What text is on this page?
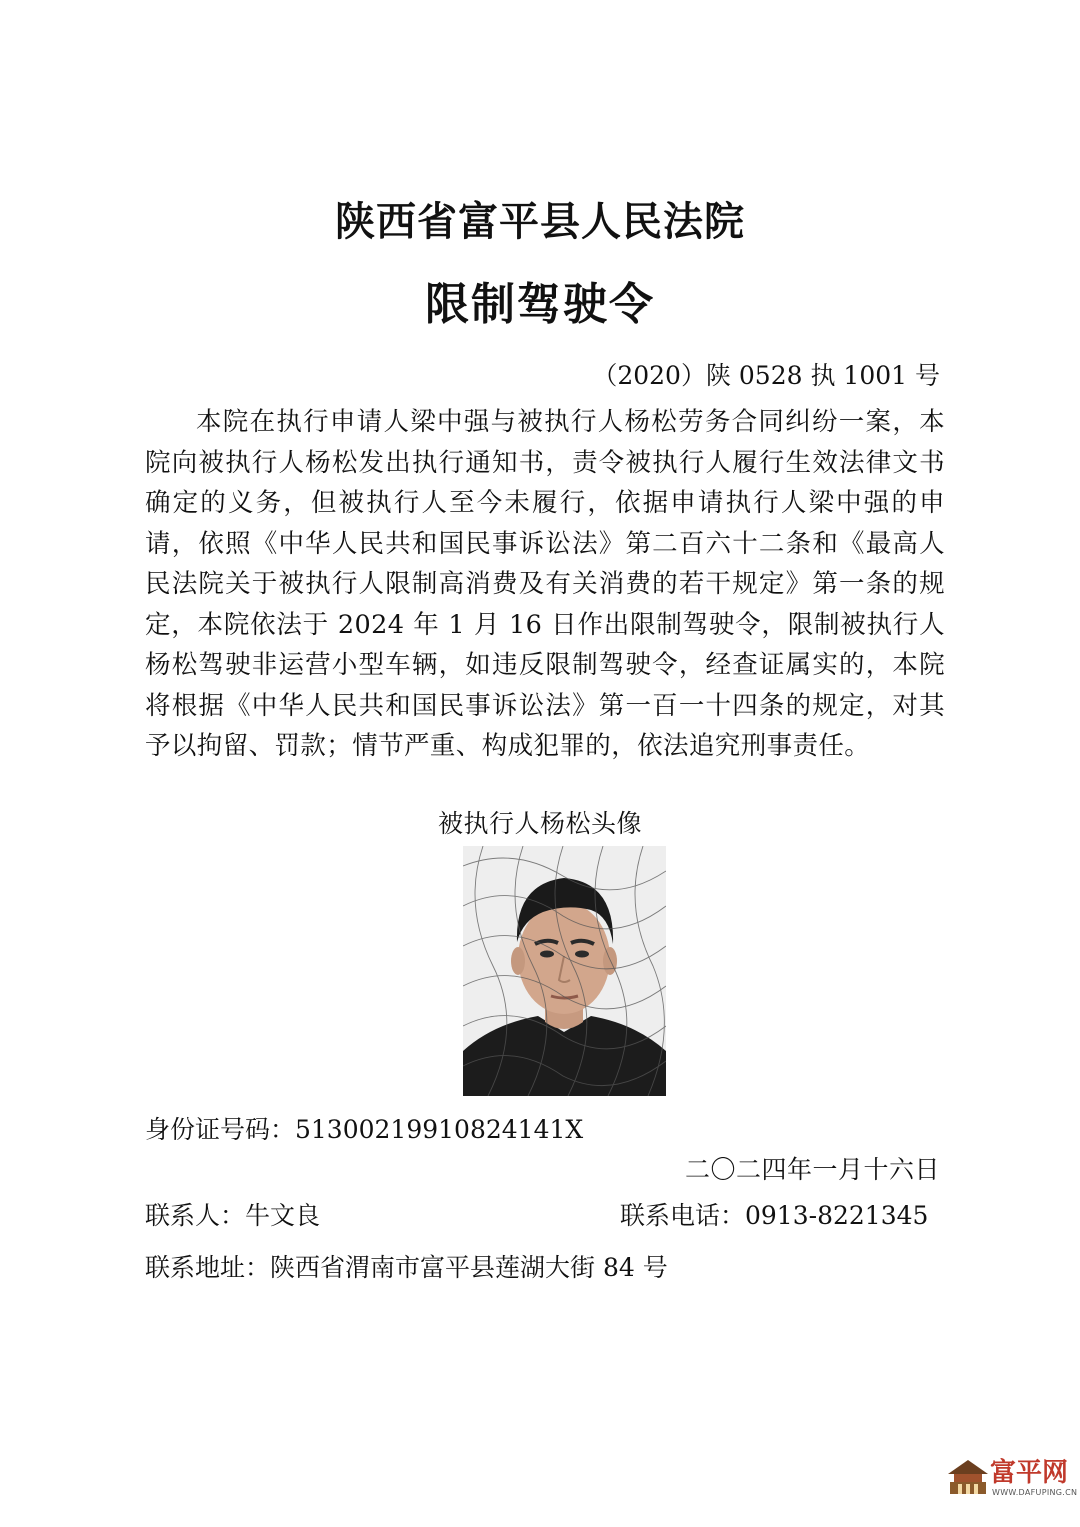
陕西省富平县人民法院
限制驾驶令
（2020）陕 0528 执 1001 号
本院在执行申请人梁中强与被执行人杨松劳务合同纠纷一案，本院向被执行人杨松发出执行通知书，责令被执行人履行生效法律文书确定的义务，但被执行人至今未履行，依据申请执行人梁中强的申请，依照《中华人民共和国民事诉讼法》第二百六十二条和《最高人民法院关于被执行人限制高消费及有关消费的若干规定》第一条的规定，本院依法于 2024 年 1 月 16 日作出限制驾驶令，限制被执行人杨松驾驶非运营小型车辆，如违反限制驾驶令，经查证属实的，本院将根据《中华人民共和国民事诉讼法》第一百一十四条的规定，对其予以拘留、罚款；情节严重、构成犯罪的，依法追究刑事责任。
被执行人杨松头像
身份证号码：51300219910824141X
二〇二四年一月十六日
联系人：牛文良	联系电话：0913-8221345
联系地址：陕西省渭南市富平县莲湖大街 84 号
富平网
WWW.DAFUPING.CN
